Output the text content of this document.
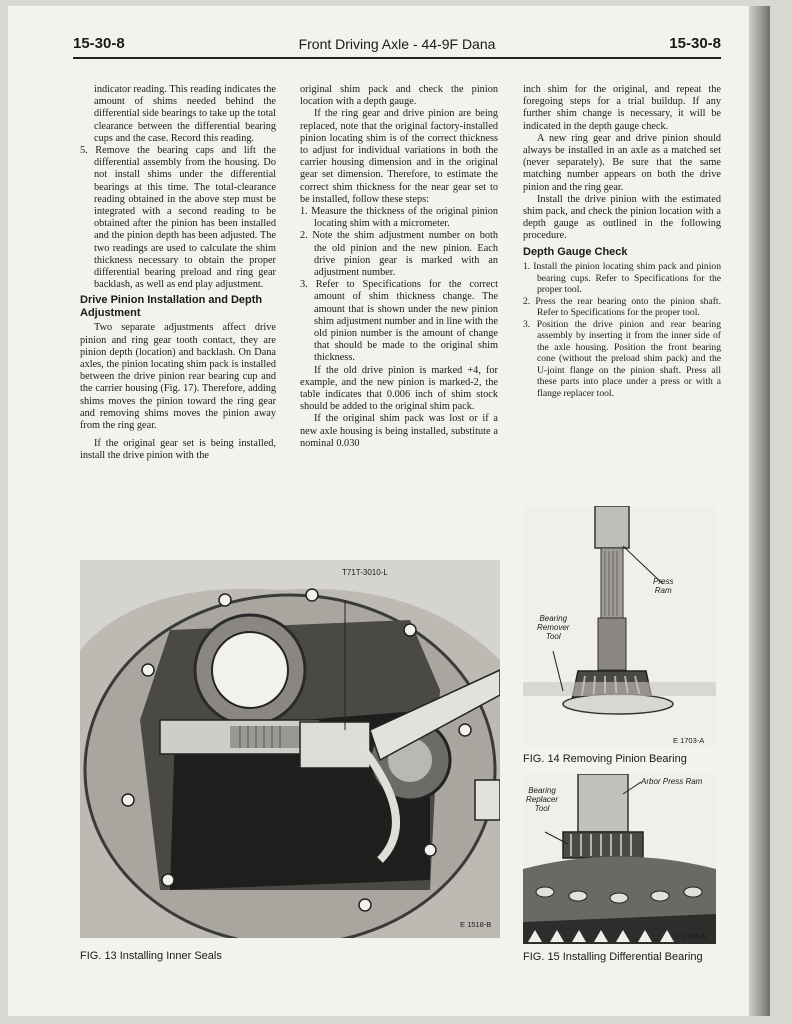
15-30-8	Front Driving Axle - 44-9F Dana	15-30-8

indicator reading. This reading indicates the amount of shims needed behind the differential side bearings to take up the total clearance between the differential bearing cups and the case. Record this reading.

5. Remove the bearing caps and lift the differential assembly from the housing. Do not install shims under the differential bearings at this time. The total-clearance reading obtained in the above step must be integrated with a second reading to be obtained after the pinion has been installed and the pinion depth has been adjusted. The two readings are used to calculate the shim thickness necessary to obtain the proper differential bearing preload and ring gear backlash, as well as end play adjustment.

Drive Pinion Installation and Depth Adjustment

Two separate adjustments affect drive pinion and ring gear tooth contact, they are pinion depth (location) and backlash. On Dana axles, the pinion locating shim pack is installed between the drive pinion rear bearing cup and the carrier housing (Fig. 17). Therefore, adding shims moves the pinion toward the ring gear and removing shims moves the pinion away from the ring gear.

If the original gear set is being installed, install the drive pinion with the

original shim pack and check the pinion location with a depth gauge.

If the ring gear and drive pinion are being replaced, note that the original factory-installed pinion locating shim is of the correct thickness to adjust for individual variations in both the carrier housing dimension and in the original gear set dimension. Therefore, to estimate the correct shim thickness for the near gear set to be installed, follow these steps:

1. Measure the thickness of the original pinion locating shim with a micrometer.

2. Note the shim adjustment number on both the old pinion and the new pinion. Each drive pinion gear is marked with an adjustment number.

3. Refer to Specifications for the correct amount of shim thickness change. The amount that is shown under the new pinion shim adjustment number and in line with the old pinion number is the amount of change that should be made to the original shim thickness.

If the old drive pinion is marked +4, for example, and the new pinion is marked-2, the table indicates that 0.006 inch of shim stock should be added to the original shim pack.

If the original shim pack was lost or if a new axle housing is being installed, substitute a nominal 0.030

inch shim for the original, and repeat the foregoing steps for a trial buildup. If any further shim change is necessary, it will be indicated in the depth gauge check.

A new ring gear and drive pinion should always be installed in an axle as a matched set (never separately). Be sure that the same matching number appears on both the drive pinion and the ring gear.

Install the drive pinion with the estimated shim pack, and check the pinion location with a depth gauge as outlined in the following procedure.

Depth Gauge Check

1. Install the pinion locating shim pack and pinion bearing cups. Refer to Specifications for the proper tool.

2. Press the rear bearing onto the pinion shaft. Refer to Specifications for the proper tool.

3. Position the drive pinion and rear bearing assembly by inserting it from the inner side of the axle housing. Position the front bearing cone (without the preload shim pack) and the U-joint flange on the pinion shaft. Press all these parts into place under a press or with a flange replacer tool.

T71T-3010-L
E 1518-B
FIG. 13 Installing Inner Seals
Press
Ram
Bearing
Remover
Tool
E 1703-A
FIG. 14 Removing Pinion Bearing
Arbor Press Ram
Bearing
Replacer
Tool
E 1704-A
FIG. 15 Installing Differential Bearing
